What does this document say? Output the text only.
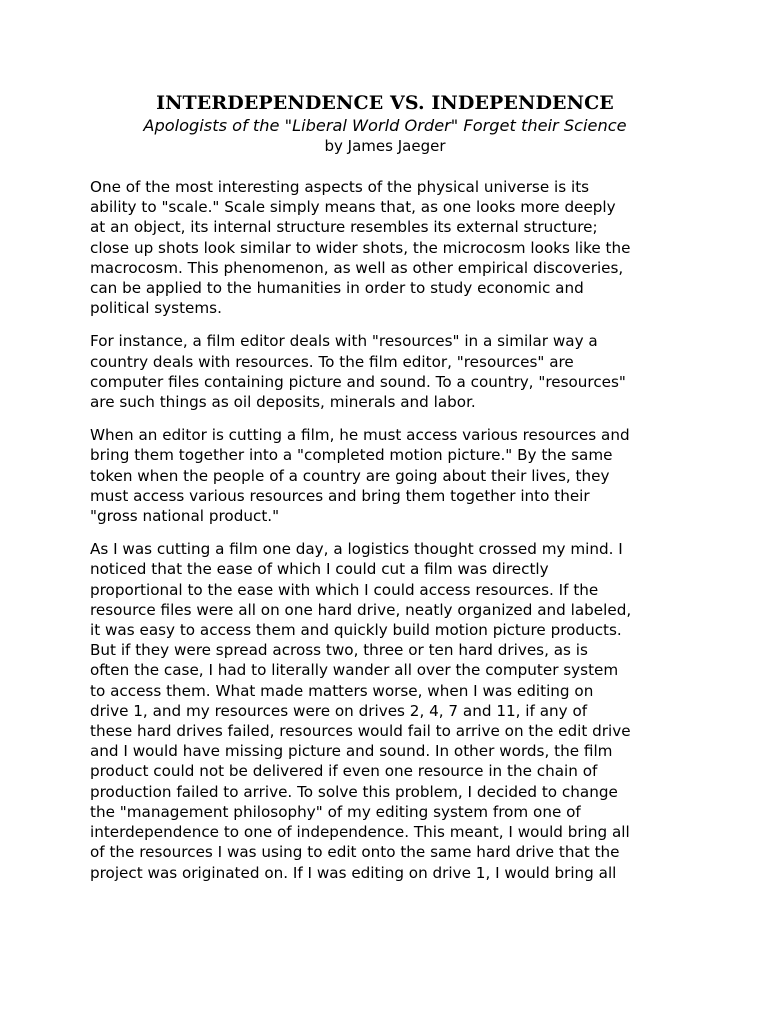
INTERDEPENDENCE VS. INDEPENDENCE
Apologists of the "Liberal World Order" Forget their Science
by James Jaeger
One of the most interesting aspects of the physical universe is its
ability to "scale." Scale simply means that, as one looks more deeply
at an object, its internal structure resembles its external structure;
close up shots look similar to wider shots, the microcosm looks like the
macrocosm. This phenomenon, as well as other empirical discoveries,
can be applied to the humanities in order to study economic and
political systems.
For instance, a film editor deals with "resources" in a similar way a
country deals with resources. To the film editor, "resources" are
computer files containing picture and sound. To a country, "resources"
are such things as oil deposits, minerals and labor.
When an editor is cutting a film, he must access various resources and
bring them together into a "completed motion picture." By the same
token when the people of a country are going about their lives, they
must access various resources and bring them together into their
"gross national product."
As I was cutting a film one day, a logistics thought crossed my mind. I
noticed that the ease of which I could cut a film was directly
proportional to the ease with which I could access resources. If the
resource files were all on one hard drive, neatly organized and labeled,
it was easy to access them and quickly build motion picture products.
But if they were spread across two, three or ten hard drives, as is
often the case, I had to literally wander all over the computer system
to access them. What made matters worse, when I was editing on
drive 1, and my resources were on drives 2, 4, 7 and 11, if any of
these hard drives failed, resources would fail to arrive on the edit drive
and I would have missing picture and sound. In other words, the film
product could not be delivered if even one resource in the chain of
production failed to arrive. To solve this problem, I decided to change
the "management philosophy" of my editing system from one of
interdependence to one of independence. This meant, I would bring all
of the resources I was using to edit onto the same hard drive that the
project was originated on. If I was editing on drive 1, I would bring all
